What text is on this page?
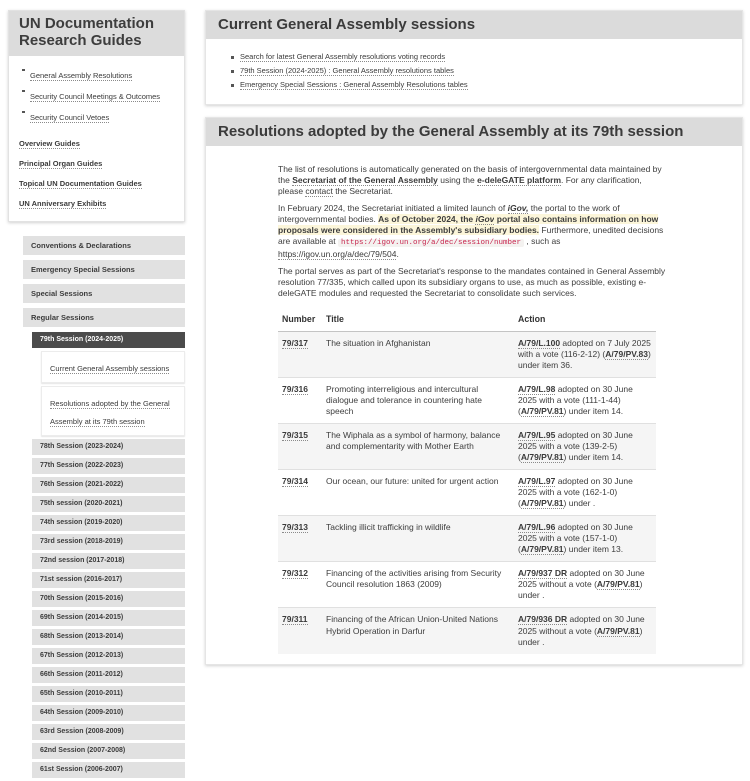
UN Documentation Research Guides
General Assembly Resolutions
Security Council Meetings & Outcomes
Security Council Vetoes
Overview Guides
Principal Organ Guides
Topical UN Documentation Guides
UN Anniversary Exhibits
Conventions & Declarations
Emergency Special Sessions
Special Sessions
Regular Sessions
79th Session (2024-2025)
Current General Assembly sessions
Resolutions adopted by the General Assembly at its 79th session
78th Session (2023-2024)
77th Session (2022-2023)
76th Session (2021-2022)
75th session (2020-2021)
74th session (2019-2020)
73rd session (2018-2019)
72nd session (2017-2018)
71st session (2016-2017)
70th Session (2015-2016)
69th Session (2014-2015)
68th Session (2013-2014)
67th Session (2012-2013)
66th Session (2011-2012)
65th Session (2010-2011)
64th Session (2009-2010)
63rd Session (2008-2009)
62nd Session (2007-2008)
61st Session (2006-2007)
Current General Assembly sessions
Search for latest General Assembly resolutions voting records
79th Session (2024-2025) : General Assembly resolutions tables
Emergency Special Sessions : General Assembly Resolutions tables
Resolutions adopted by the General Assembly at its 79th session

The list of resolutions is automatically generated on the basis of intergovernmental data maintained by the Secretariat of the General Assembly using the e-deleGATE platform. For any clarification, please contact the Secretariat.

In February 2024, the Secretariat initiated a limited launch of iGov, the portal to the work of intergovernmental bodies. As of October 2024, the iGov portal also contains information on how proposals were considered in the Assembly's subsidiary bodies. Furthermore, unedited decisions are available at https://igov.un.org/a/dec/session/number , such as https://igov.un.org/a/dec/79/504.

The portal serves as part of the Secretariat's response to the mandates contained in General Assembly resolution 77/335, which called upon its subsidiary organs to use, as much as possible, existing e-deleGATE modules and requested the Secretariat to consolidate such services.

Number	Title	Action
79/317	The situation in Afghanistan	A/79/L.100 adopted on 7 July 2025 with a vote (116-2-12) (A/79/PV.83) under item 36.
79/316	Promoting interreligious and intercultural dialogue and tolerance in countering hate speech	A/79/L.98 adopted on 30 June 2025 with a vote (111-1-44) (A/79/PV.81) under item 14.
79/315	The Wiphala as a symbol of harmony, balance and complementarity with Mother Earth	A/79/L.95 adopted on 30 June 2025 with a vote (139-2-5) (A/79/PV.81) under item 14.
79/314	Our ocean, our future: united for urgent action	A/79/L.97 adopted on 30 June 2025 with a vote (162-1-0) (A/79/PV.81) under .
79/313	Tackling illicit trafficking in wildlife	A/79/L.96 adopted on 30 June 2025 with a vote (157-1-0) (A/79/PV.81) under item 13.
79/312	Financing of the activities arising from Security Council resolution 1863 (2009)	A/79/937 DR adopted on 30 June 2025 without a vote (A/79/PV.81) under .
79/311	Financing of the African Union-United Nations Hybrid Operation in Darfur	A/79/936 DR adopted on 30 June 2025 without a vote (A/79/PV.81) under .
